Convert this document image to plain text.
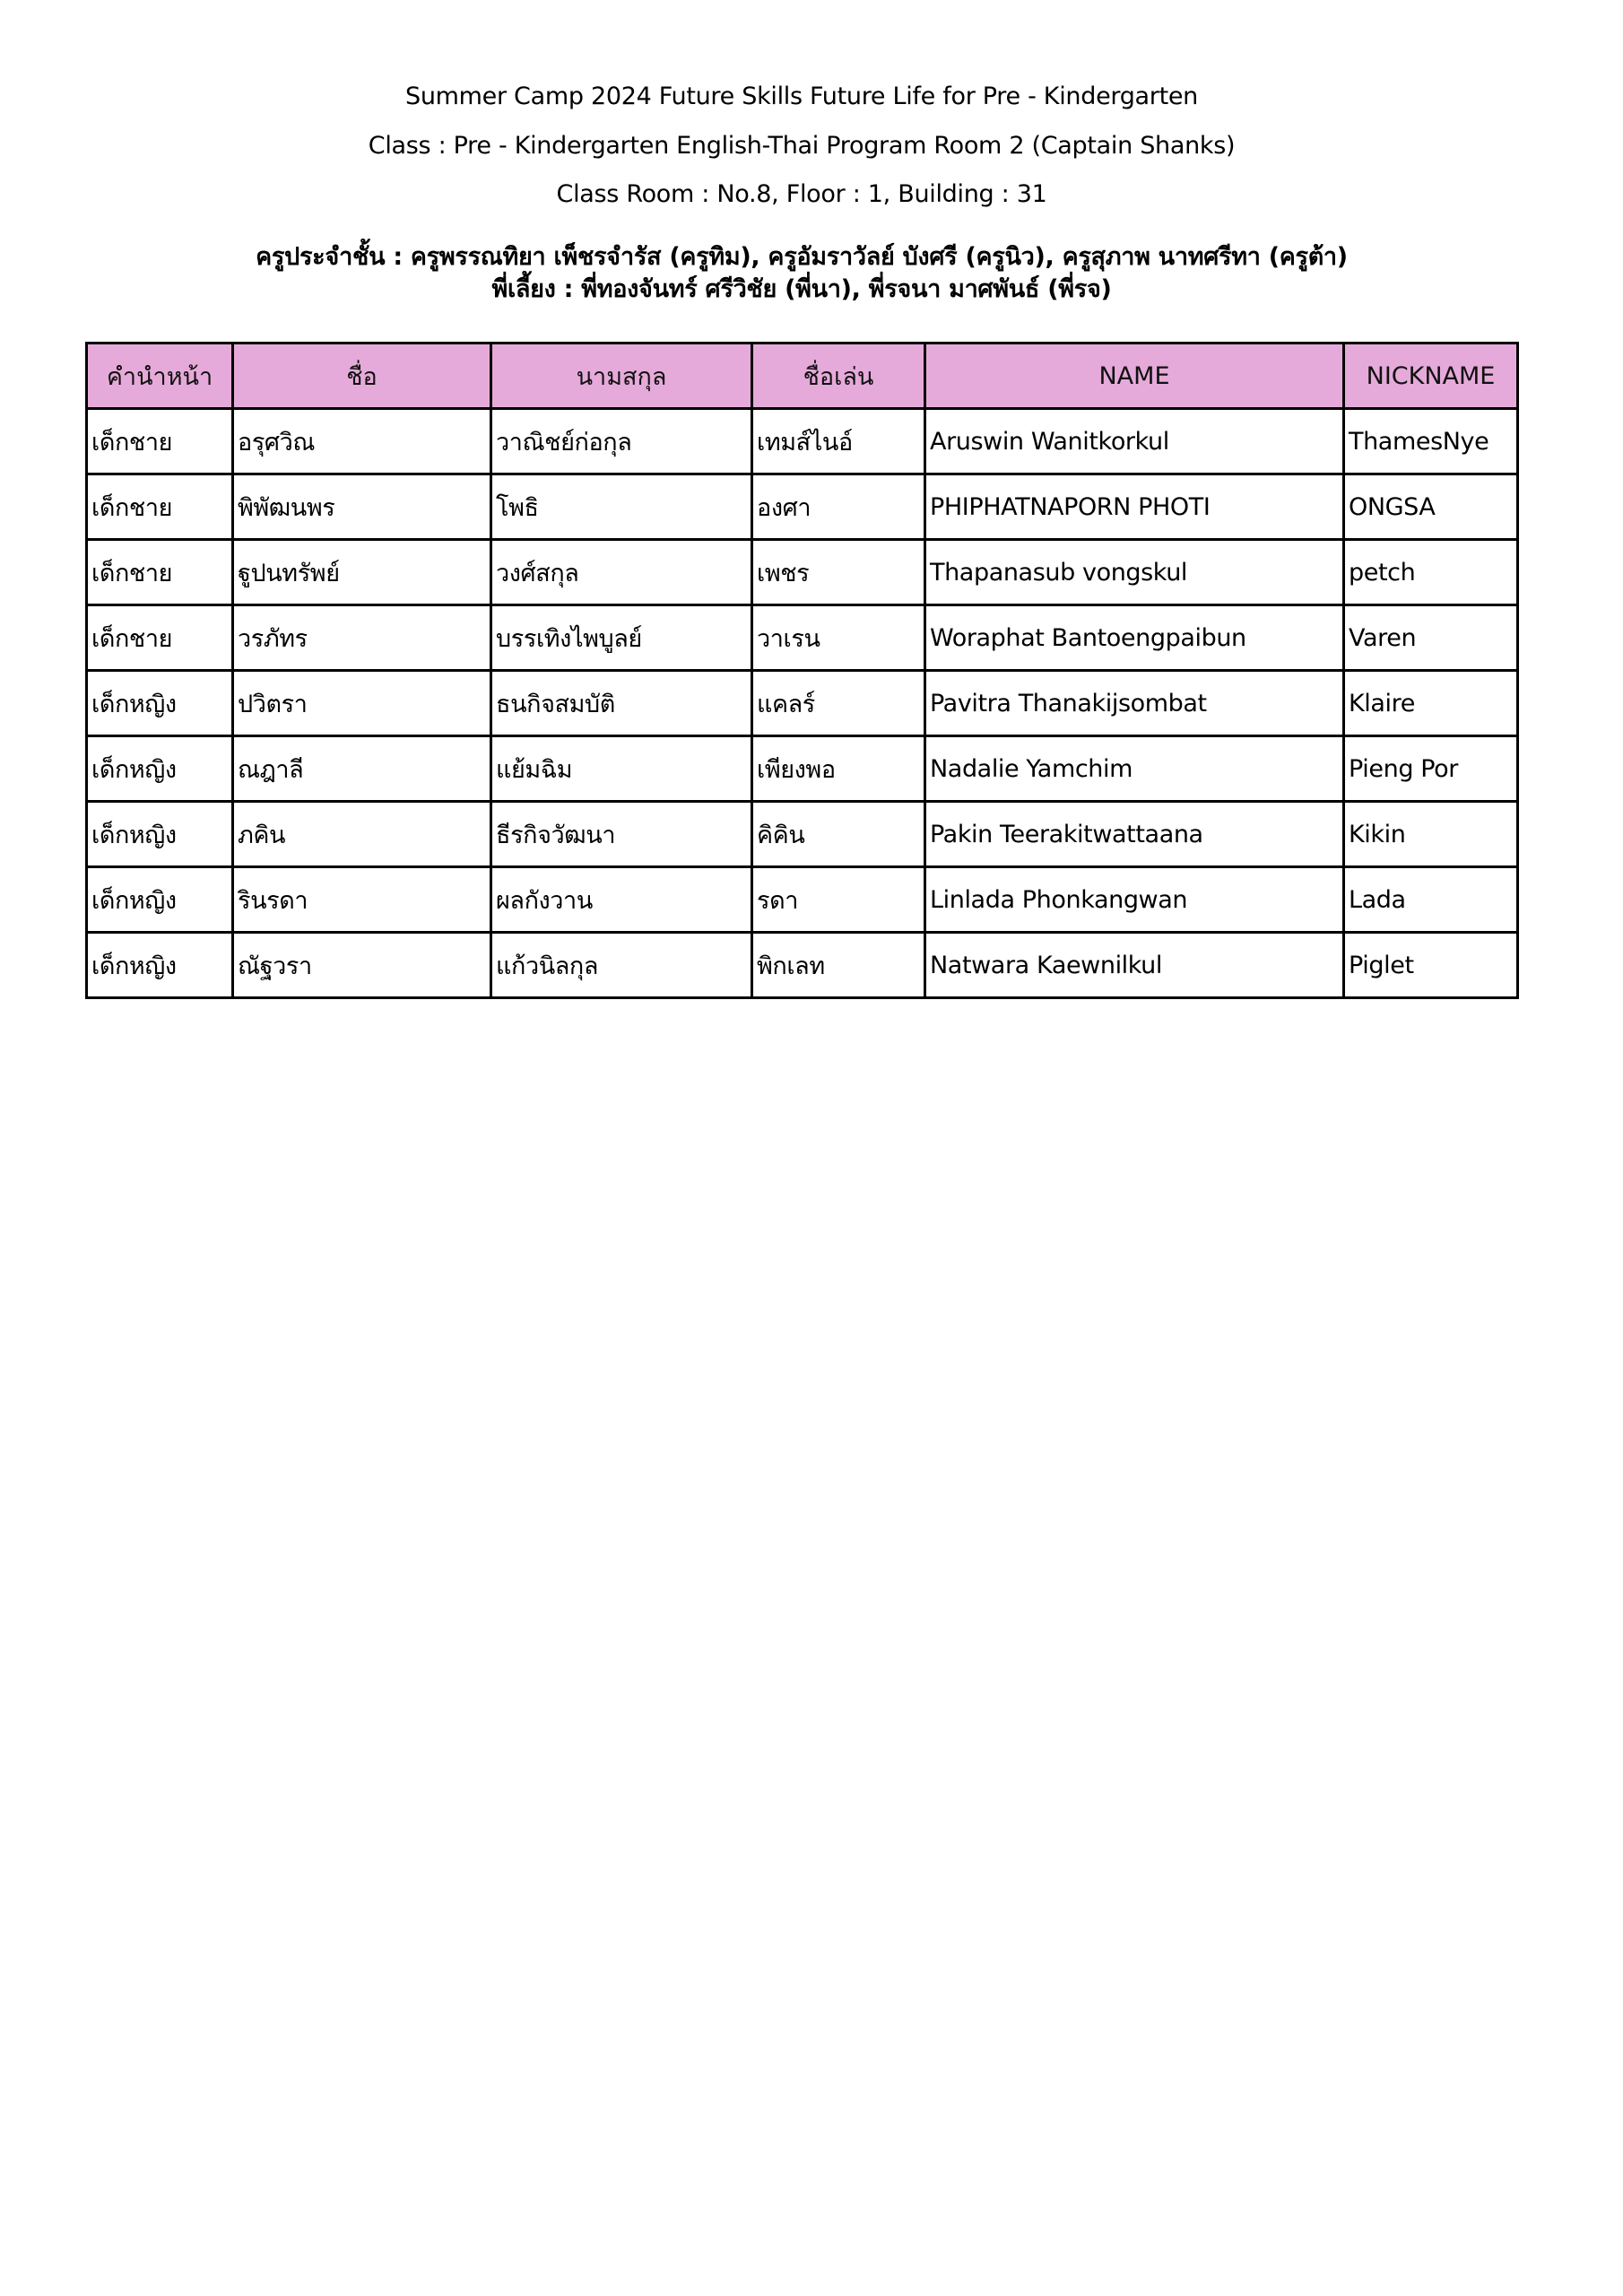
Summer Camp 2024 Future Skills Future Life for Pre - Kindergarten
Class : Pre - Kindergarten English-Thai Program Room 2 (Captain Shanks)
Class Room : No.8, Floor : 1, Building : 31
ครูประจำชั้น : ครูพรรณทิยา เพ็ชรจำรัส (ครูทิม), ครูอัมราวัลย์ บังศรี (ครูนิว), ครูสุภาพ นาทศรีทา (ครูต้า)
พี่เลี้ยง : พี่ทองจันทร์ ศรีวิชัย (พี่นา), พี่รจนา มาศพันธ์ (พี่รจ)
คำนำหน้า	ชื่อ	นามสกุล	ชื่อเล่น	NAME	NICKNAME
เด็กชาย	อรุศวิณ	วาณิชย์ก่อกุล	เทมส์ไนอ์	Aruswin Wanitkorkul	ThamesNye
เด็กชาย	พิพัฒนพร	โพธิ	องศา	PHIPHATNAPORN PHOTI	ONGSA
เด็กชาย	ฐูปนทรัพย์	วงศ์สกุล	เพชร	Thapanasub vongskul	petch
เด็กชาย	วรภัทร	บรรเทิงไพบูลย์	วาเรน	Woraphat Bantoengpaibun	Varen
เด็กหญิง	ปวิตรา	ธนกิจสมบัติ	แคลร์	Pavitra Thanakijsombat	Klaire
เด็กหญิง	ณฎาลี	แย้มฉิม	เพียงพอ	Nadalie Yamchim	Pieng Por
เด็กหญิง	ภคิน	ธีรกิจวัฒนา	คิคิน	Pakin Teerakitwattaana	Kikin
เด็กหญิง	รินรดา	ผลกังวาน	รดา	Linlada Phonkangwan	Lada
เด็กหญิง	ณัฐวรา	แก้วนิลกุล	พิกเลท	Natwara Kaewnilkul	Piglet
